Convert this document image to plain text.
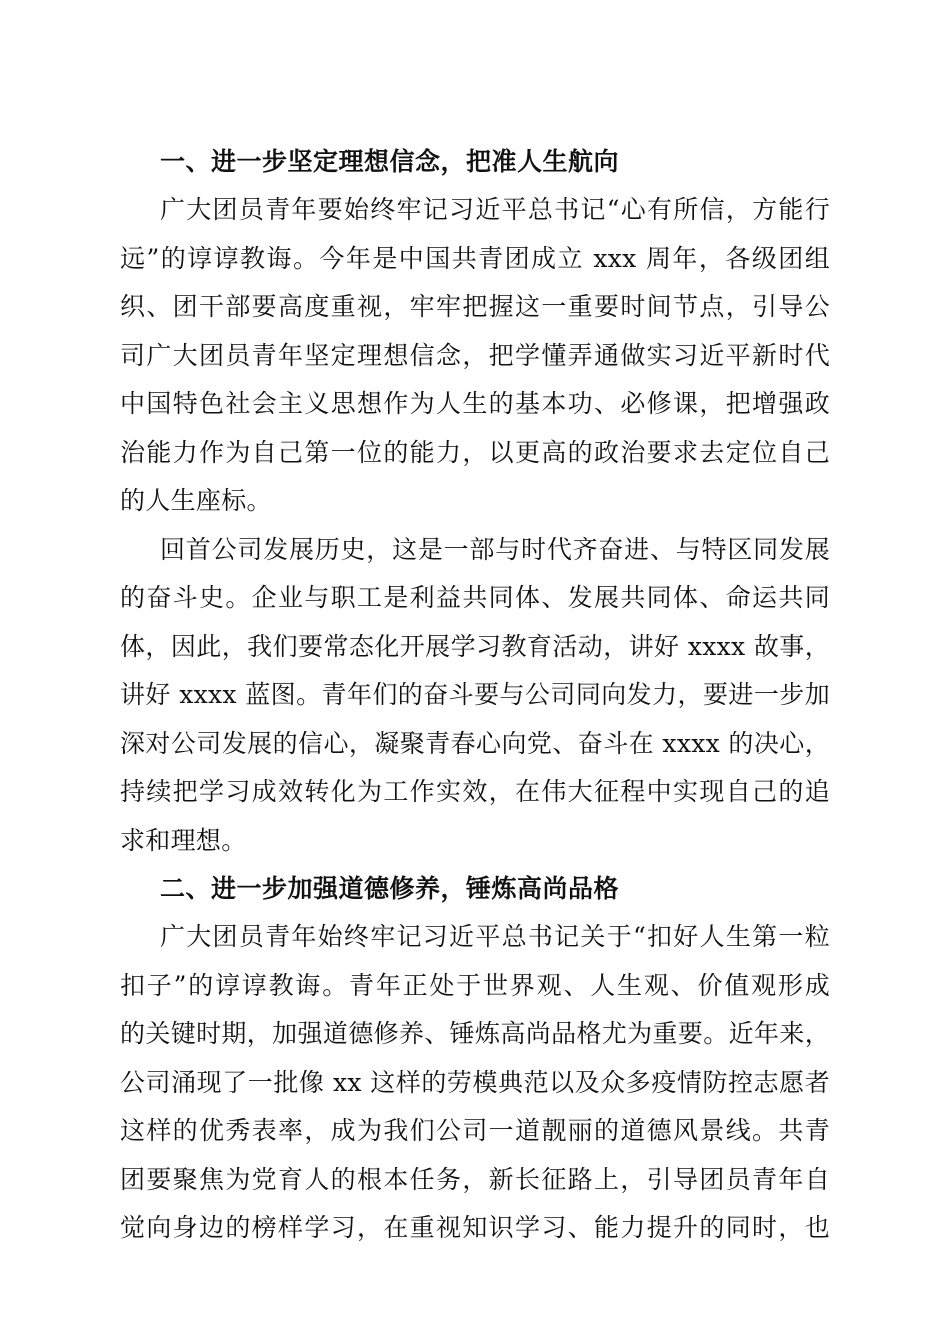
一、进一步坚定理想信念，把准人生航向
广大团员青年要始终牢记习近平总书记“心有所信，方能行
远”的谆谆教诲。今年是中国共青团成立 xxx 周年，各级团组
织、团干部要高度重视，牢牢把握这一重要时间节点，引导公
司广大团员青年坚定理想信念，把学懂弄通做实习近平新时代
中国特色社会主义思想作为人生的基本功、必修课，把增强政
治能力作为自己第一位的能力，以更高的政治要求去定位自己
的人生座标。
回首公司发展历史，这是一部与时代齐奋进、与特区同发展
的奋斗史。企业与职工是利益共同体、发展共同体、命运共同
体，因此，我们要常态化开展学习教育活动，讲好 xxxx 故事，
讲好 xxxx 蓝图。青年们的奋斗要与公司同向发力，要进一步加
深对公司发展的信心，凝聚青春心向党、奋斗在 xxxx 的决心，
持续把学习成效转化为工作实效，在伟大征程中实现自己的追
求和理想。
二、进一步加强道德修养，锤炼高尚品格
广大团员青年始终牢记习近平总书记关于“扣好人生第一粒
扣子”的谆谆教诲。青年正处于世界观、人生观、价值观形成
的关键时期，加强道德修养、锤炼高尚品格尤为重要。近年来，
公司涌现了一批像 xx 这样的劳模典范以及众多疫情防控志愿者
这样的优秀表率，成为我们公司一道靓丽的道德风景线。共青
团要聚焦为党育人的根本任务，新长征路上，引导团员青年自
觉向身边的榜样学习，在重视知识学习、能力提升的同时，也
